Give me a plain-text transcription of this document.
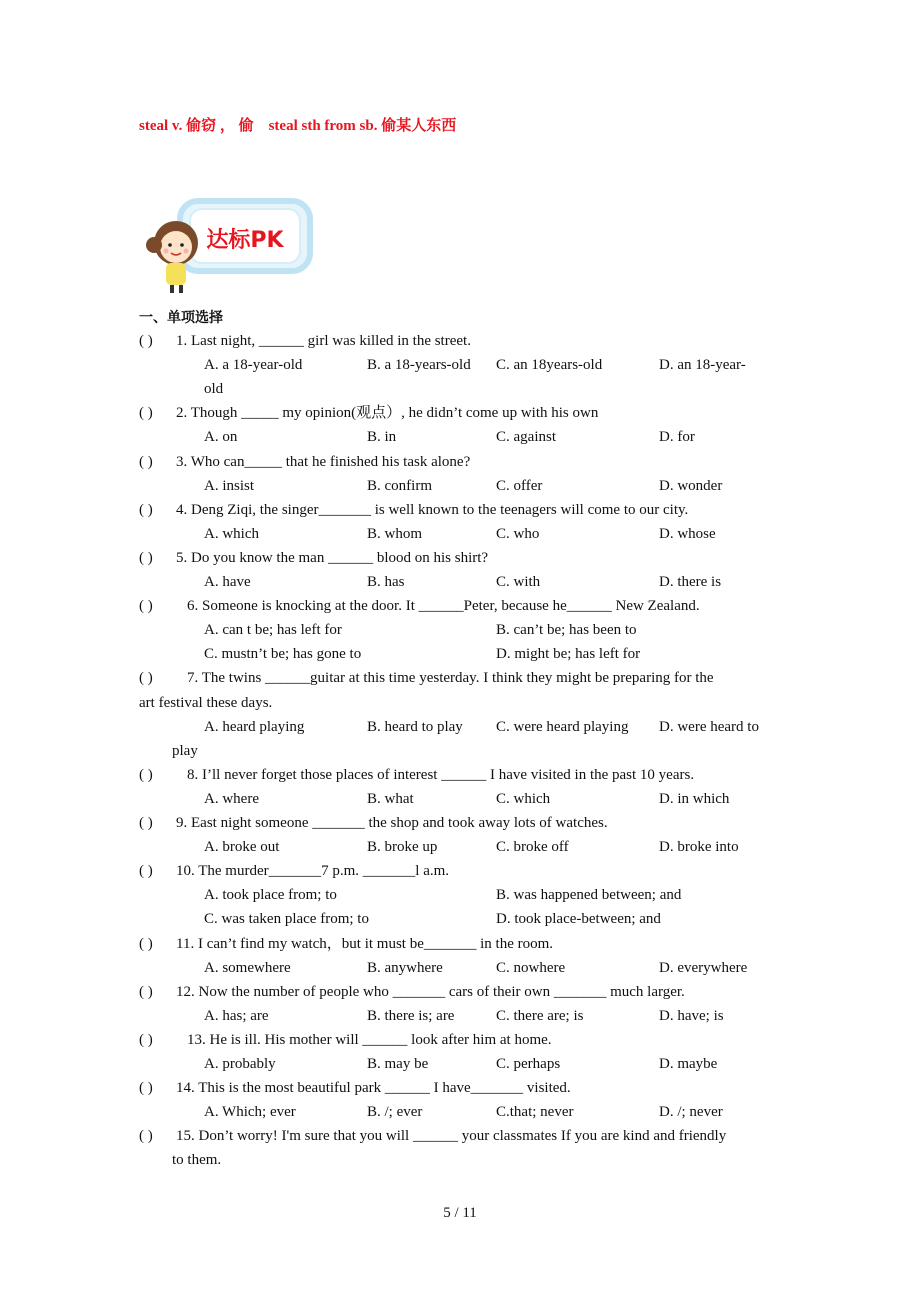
steal v. 偷窃 ， 偷    steal sth from sb. 偷某人东西
达标PK
一、单项选择
( ) 1. Last night, ______ girl was killed in the street.
A. a 18-year-old	B. a 18-years-old C. an 18years-old	D. an 18-year-
old
( ) 2. Though _____ my opinion(观点）, he didn’t come up with his own
A. on	B. in	C. against	D. for
( ) 3. Who can_____ that he finished his task alone?
A. insist	B. confirm	C. offer	D. wonder
( ) 4. Deng Ziqi, the singer_______ is well known to the teenagers will come to our city.
A. which	B. whom	C. who	D. whose
( ) 5. Do you know the man ______ blood on his shirt?
A. have	B. has	C. with	D. there is
( ) 6. Someone is knocking at the door. It ______Peter, because he______ New Zealand.
A. can t be; has left for	B. can’t be; has been to
C. mustn’t be; has gone to	D. might be; has left for
( ) 7. The twins ______guitar at this time yesterday. I think they might be preparing for the
art festival these days.
A. heard playing	B. heard to play C. were heard playing D. were heard to
play
( ) 8. I’ll never forget those places of interest ______ I have visited in the past 10 years.
A. where	B. what	C. which	D. in which
( ) 9. East night someone _______ the shop and took away lots of watches.
A. broke out	B. broke up	C. broke off	D. broke into
( ) 10. The murder_______7 p.m. _______l a.m.
A. took place from; to	B. was happened between; and
C. was taken place from; to	D. took place-between; and
( ) 11. I can’t find my watch，but it must be_______ in the room.
A. somewhere	B. anywhere	C. nowhere	D. everywhere
( ) 12. Now the number of people who _______ cars of their own _______ much larger.
A. has; are	B. there is; are	C. there are; is	D. have; is
( ) 13. He is ill. His mother will ______ look after him at home.
A. probably	B. may be	C. perhaps	D. maybe
( ) 14. This is the most beautiful park ______ I have_______ visited.
A. Which; ever	B. /; ever	C.that; never	D. /; never
( ) 15. Don’t worry! I'm sure that you will ______ your classmates If you are kind and friendly
to them.
5 / 11
